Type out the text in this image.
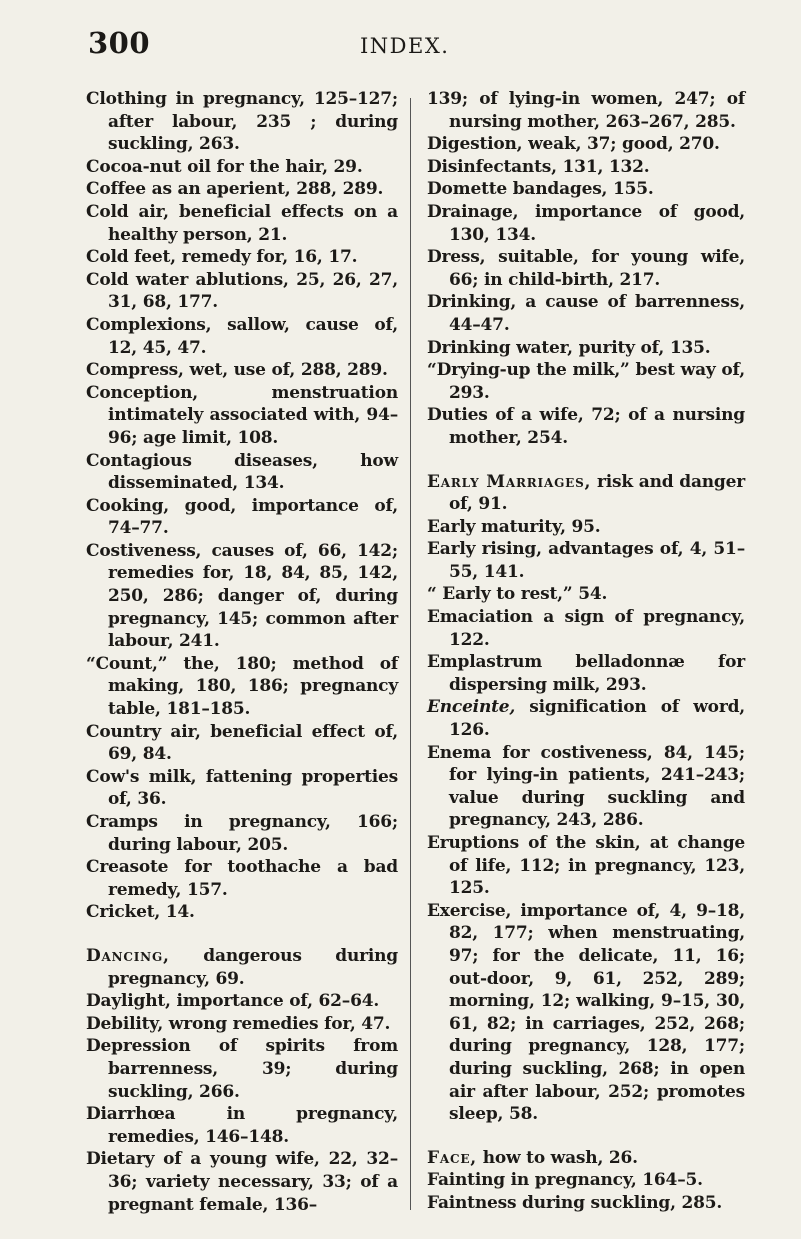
300	INDEX.

Clothing in pregnancy, 125–127; after labour, 235 ; during suckling, 263.

Cocoa-nut oil for the hair, 29.

Coffee as an aperient, 288, 289.

Cold air, beneficial effects on a healthy person, 21.

Cold feet, remedy for, 16, 17.

Cold water ablutions, 25, 26, 27, 31, 68, 177.

Complexions, sallow, cause of, 12, 45, 47.

Compress, wet, use of, 288, 289.

Conception, menstruation intimately associated with, 94–96; age limit, 108.

Contagious diseases, how disseminated, 134.

Cooking, good, importance of, 74–77.

Costiveness, causes of, 66, 142; remedies for, 18, 84, 85, 142, 250, 286; danger of, during pregnancy, 145; common after labour, 241.

“Count,” the, 180; method of making, 180, 186; pregnancy table, 181–185.

Country air, beneficial effect of, 69, 84.

Cow's milk, fattening properties of, 36.

Cramps in pregnancy, 166; during labour, 205.

Creasote for toothache a bad remedy, 157.

Cricket, 14.

Dancing, dangerous during pregnancy, 69.

Daylight, importance of, 62–64.

Debility, wrong remedies for, 47.

Depression of spirits from barrenness, 39; during suckling, 266.

Diarrhœa in pregnancy, remedies, 146–148.

Dietary of a young wife, 22, 32–36; variety necessary, 33; of a pregnant female, 136–

139; of lying-in women, 247; of nursing mother, 263–267, 285.

Digestion, weak, 37; good, 270.

Disinfectants, 131, 132.

Domette bandages, 155.

Drainage, importance of good, 130, 134.

Dress, suitable, for young wife, 66; in child-birth, 217.

Drinking, a cause of barrenness, 44–47.

Drinking water, purity of, 135.

“Drying-up the milk,” best way of, 293.

Duties of a wife, 72; of a nursing mother, 254.

Early Marriages, risk and danger of, 91.

Early maturity, 95.

Early rising, advantages of, 4, 51–55, 141.

“ Early to rest,” 54.

Emaciation a sign of pregnancy, 122.

Emplastrum belladonnæ for dispersing milk, 293.

Enceinte, signification of word, 126.

Enema for costiveness, 84, 145; for lying-in patients, 241–243; value during suckling and pregnancy, 243, 286.

Eruptions of the skin, at change of life, 112; in pregnancy, 123, 125.

Exercise, importance of, 4, 9–18, 82, 177; when menstruating, 97; for the delicate, 11, 16; out-door, 9, 61, 252, 289; morning, 12; walking, 9–15, 30, 61, 82; in carriages, 252, 268; during pregnancy, 128, 177; during suckling, 268; in open air after labour, 252; promotes sleep, 58.

Face, how to wash, 26.

Fainting in pregnancy, 164–5.

Faintness during suckling, 285.
